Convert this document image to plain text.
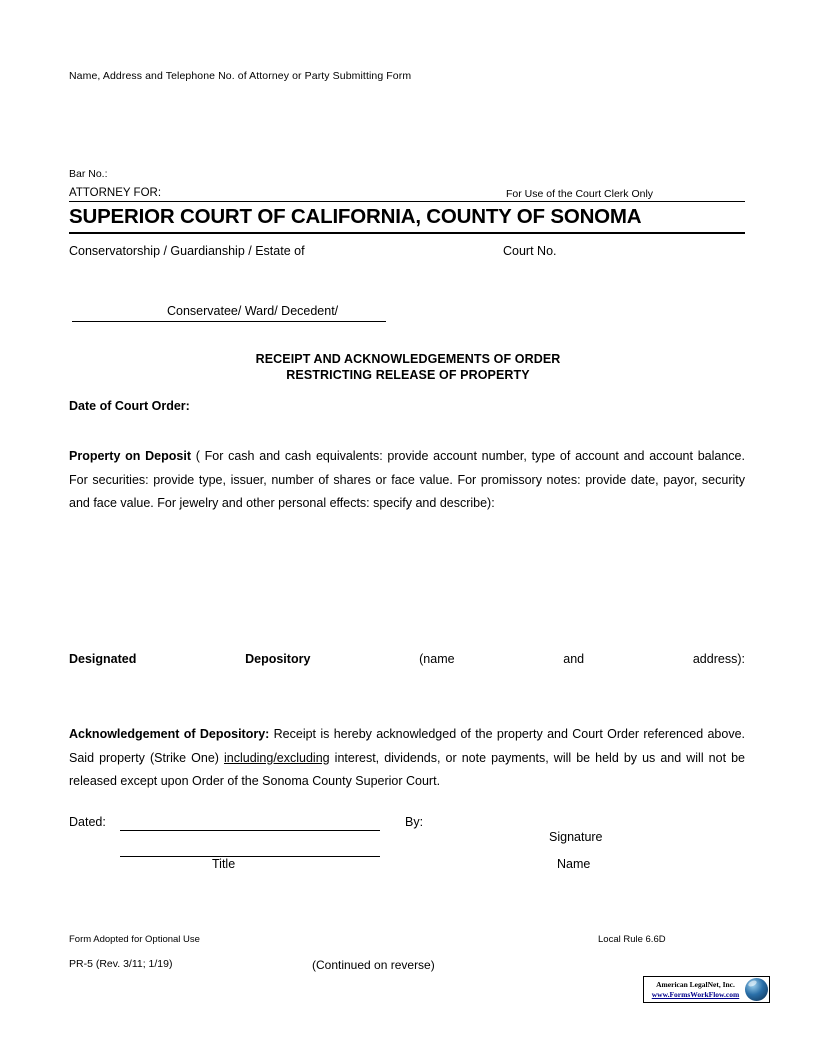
Name, Address and Telephone No. of Attorney or Party Submitting Form
Bar No.:
ATTORNEY FOR:	For Use of the Court Clerk Only
SUPERIOR COURT OF CALIFORNIA, COUNTY OF SONOMA
Conservatorship / Guardianship / Estate of	Court No.
Conservatee/ Ward/ Decedent/
RECEIPT AND ACKNOWLEDGEMENTS OF ORDER
RESTRICTING RELEASE OF PROPERTY
Date of Court Order:
Property on Deposit ( For cash and cash equivalents: provide account number, type of account and account balance. For securities: provide type, issuer, number of shares or face value. For promissory notes: provide date, payor, security and face value. For jewelry and other personal effects: specify and describe):
Designated	Depository	(name	and	address):
Acknowledgement of Depository: Receipt is hereby acknowledged of the property and Court Order referenced above. Said property (Strike One) including/excluding interest, dividends, or note payments, will be held by us and will not be released except upon Order of the Sonoma County Superior Court.
Dated:	By:
Signature
Title	Name
Form Adopted for Optional Use	Local Rule 6.6D
PR-5 (Rev. 3/11; 1/19)	(Continued on reverse)
American LegalNet, Inc.
www.FormsWorkFlow.com
